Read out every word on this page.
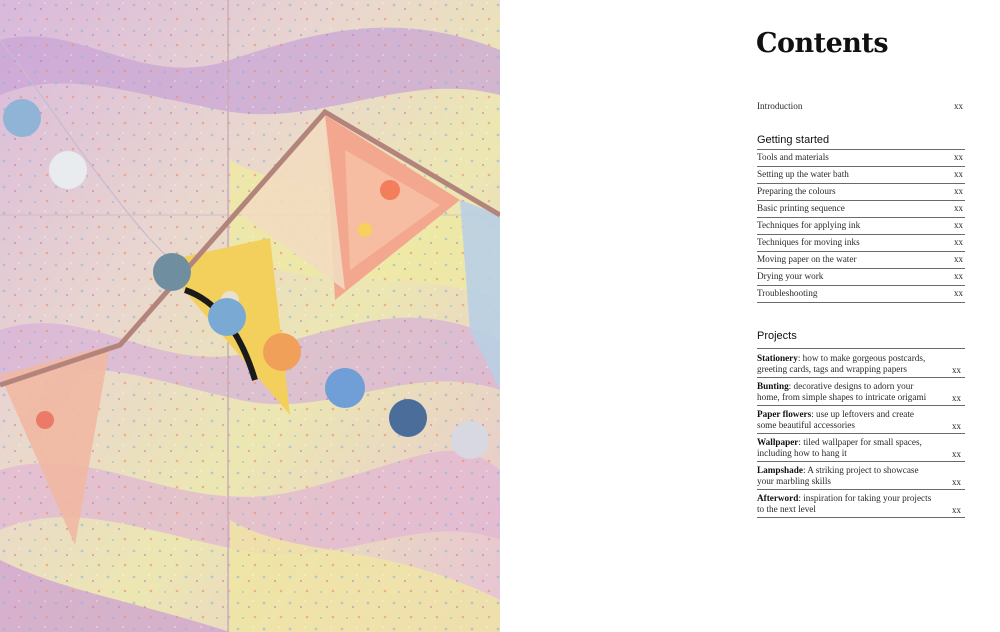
Contents
Introduction	xx
Getting started
Tools and materials	xx
Setting up the water bath	xx
Preparing the colours	xx
Basic printing sequence	xx
Techniques for applying ink	xx
Techniques for moving inks	xx
Moving paper on the water	xx
Drying your work	xx
Troubleshooting	xx
Projects
Stationery: how to make gorgeous postcards, greeting cards, tags and wrapping papers	xx
Bunting: decorative designs to adorn your home, from simple shapes to intricate origami	xx
Paper flowers: use up leftovers and create some beautiful accessories	xx
Wallpaper: tiled wallpaper for small spaces, including how to hang it	xx
Lampshade: A striking project to showcase your marbling skills	xx
Afterword: inspiration for taking your projects to the next level	xx
